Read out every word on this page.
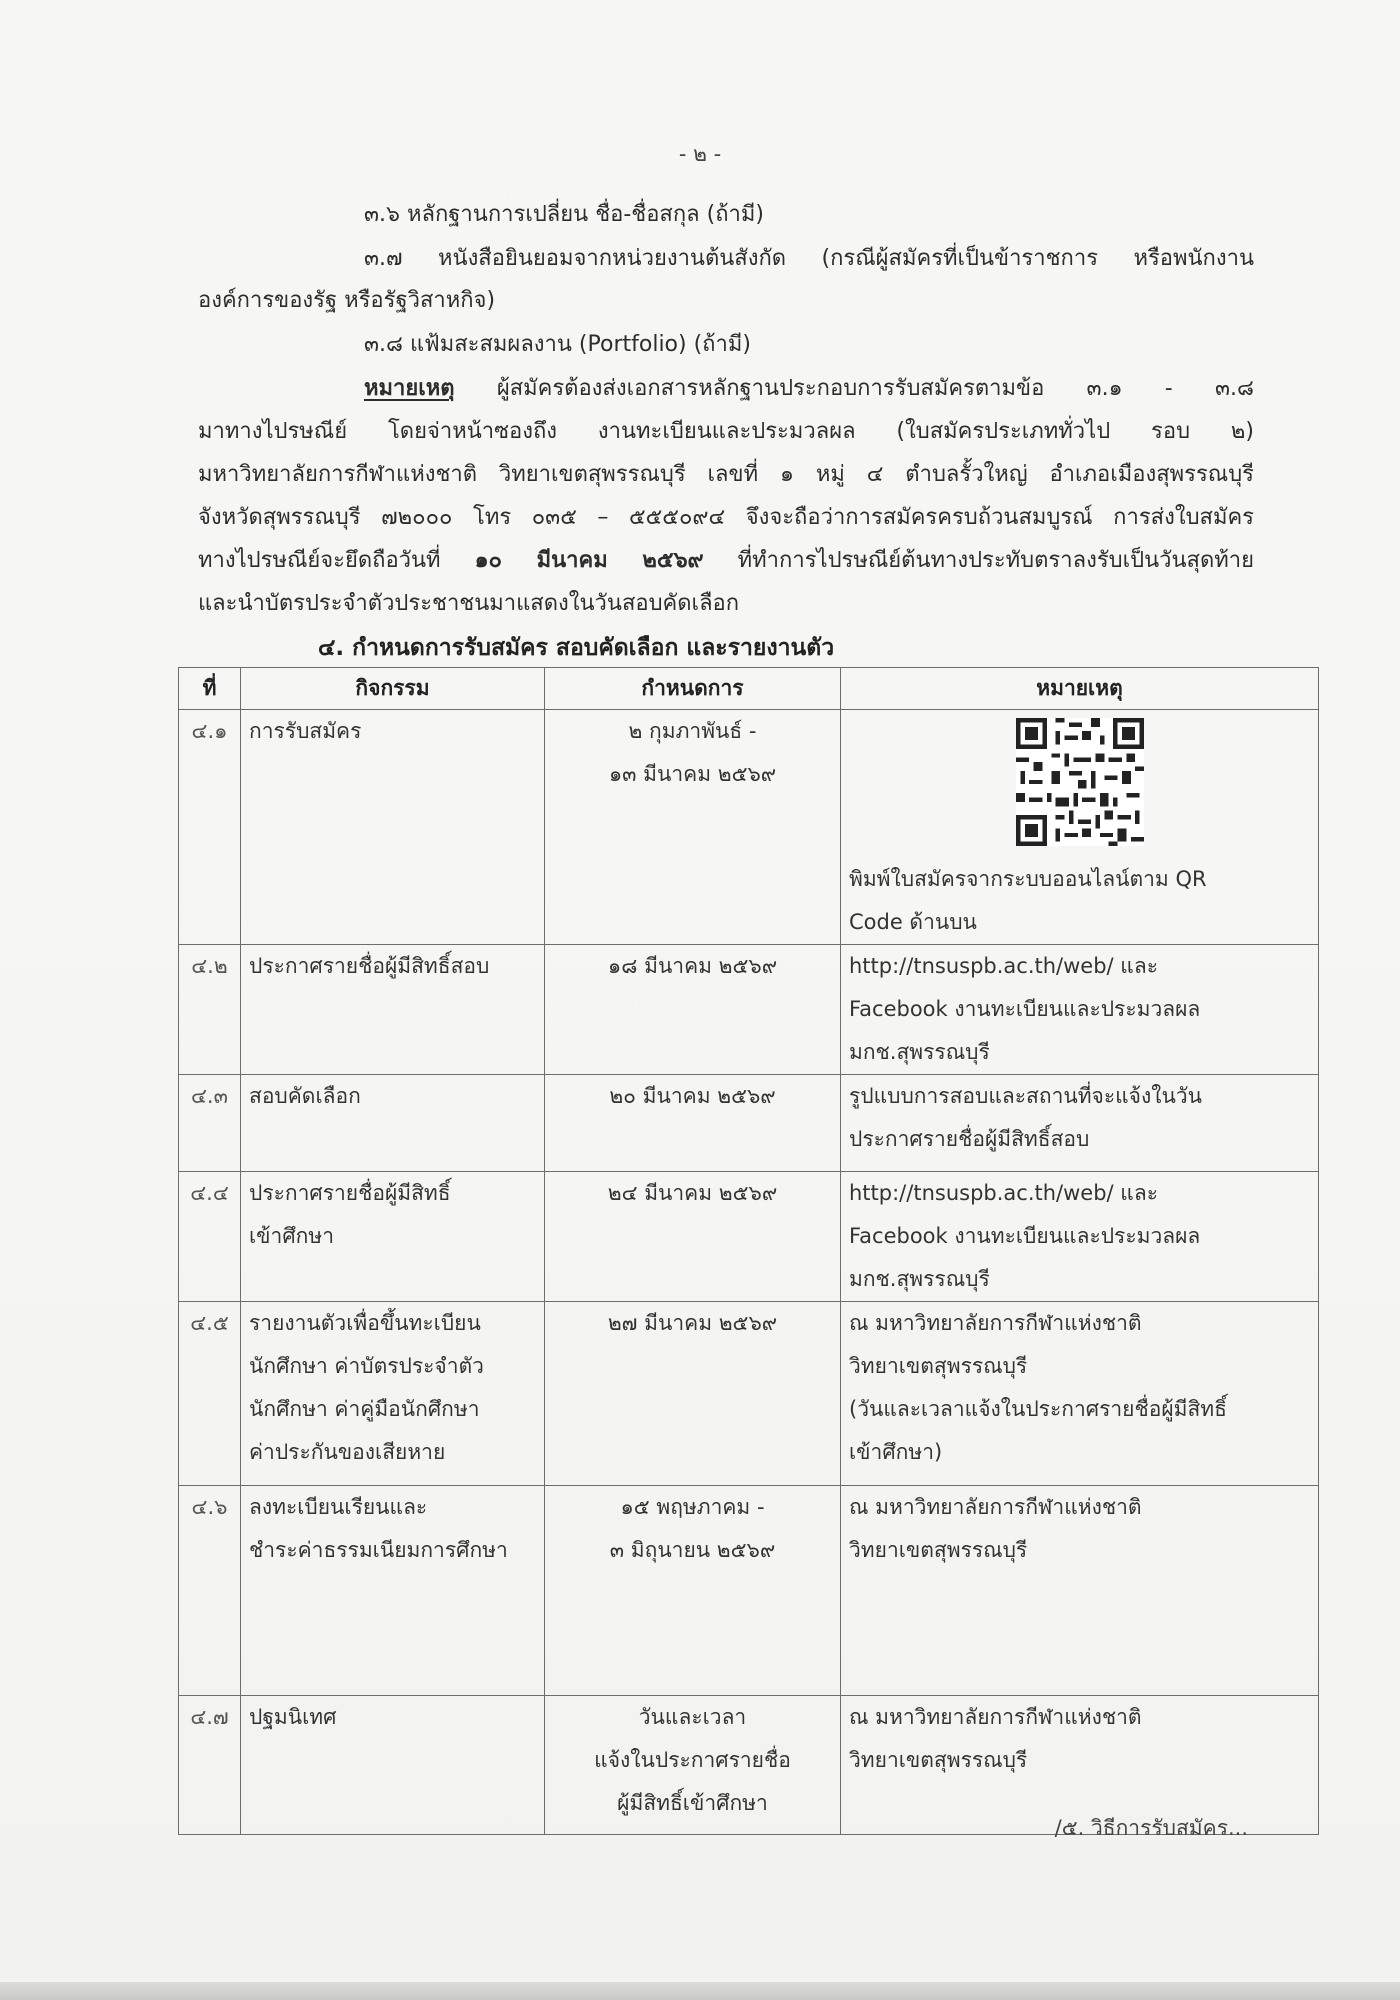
- ๒ -
๓.๖ หลักฐานการเปลี่ยน ชื่อ-ชื่อสกุล (ถ้ามี)
๓.๗ หนังสือยินยอมจากหน่วยงานต้นสังกัด (กรณีผู้สมัครที่เป็นข้าราชการ หรือพนักงาน
องค์การของรัฐ หรือรัฐวิสาหกิจ)
๓.๘ แฟ้มสะสมผลงาน (Portfolio) (ถ้ามี)
หมายเหตุ ผู้สมัครต้องส่งเอกสารหลักฐานประกอบการรับสมัครตามข้อ ๓.๑ - ๓.๘
มาทางไปรษณีย์ โดยจ่าหน้าซองถึง งานทะเบียนและประมวลผล (ใบสมัครประเภททั่วไป รอบ ๒)
มหาวิทยาลัยการกีฬาแห่งชาติ วิทยาเขตสุพรรณบุรี เลขที่ ๑ หมู่ ๔ ตำบลรั้วใหญ่ อำเภอเมืองสุพรรณบุรี
จังหวัดสุพรรณบุรี ๗๒๐๐๐ โทร ๐๓๕ – ๕๕๕๐๙๔ จึงจะถือว่าการสมัครครบถ้วนสมบูรณ์ การส่งใบสมัคร
ทางไปรษณีย์จะยึดถือวันที่ ๑๐ มีนาคม ๒๕๖๙ ที่ทำการไปรษณีย์ต้นทางประทับตราลงรับเป็นวันสุดท้าย
และนำบัตรประจำตัวประชาชนมาแสดงในวันสอบคัดเลือก
๔. กำหนดการรับสมัคร สอบคัดเลือก และรายงานตัว
ที่	กิจกรรม	กำหนดการ	หมายเหตุ
๔.๑	การรับสมัคร	๒ กุมภาพันธ์ -
๑๓ มีนาคม ๒๕๖๙	พิมพ์ใบสมัครจากระบบออนไลน์ตาม QR
Code ด้านบน

๔.๒	ประกาศรายชื่อผู้มีสิทธิ์สอบ	๑๘ มีนาคม ๒๕๖๙	http://tnsuspb.ac.th/web/ และ
Facebook งานทะเบียนและประมวลผล
มกช.สุพรรณบุรี
๔.๓	สอบคัดเลือก	๒๐ มีนาคม ๒๕๖๙	รูปแบบการสอบและสถานที่จะแจ้งในวัน
ประกาศรายชื่อผู้มีสิทธิ์สอบ
๔.๔	ประกาศรายชื่อผู้มีสิทธิ์
เข้าศึกษา	๒๔ มีนาคม ๒๕๖๙	http://tnsuspb.ac.th/web/ และ
Facebook งานทะเบียนและประมวลผล
มกช.สุพรรณบุรี
๔.๕	รายงานตัวเพื่อขึ้นทะเบียน
นักศึกษา ค่าบัตรประจำตัว
นักศึกษา ค่าคู่มือนักศึกษา
ค่าประกันของเสียหาย	๒๗ มีนาคม ๒๕๖๙	ณ มหาวิทยาลัยการกีฬาแห่งชาติ
วิทยาเขตสุพรรณบุรี
(วันและเวลาแจ้งในประกาศรายชื่อผู้มีสิทธิ์
เข้าศึกษา)
๔.๖	ลงทะเบียนเรียนและ
ชำระค่าธรรมเนียมการศึกษา	๑๕ พฤษภาคม -
๓ มิถุนายน ๒๕๖๙	ณ มหาวิทยาลัยการกีฬาแห่งชาติ
วิทยาเขตสุพรรณบุรี
๔.๗	ปฐมนิเทศ	วันและเวลา
แจ้งในประกาศรายชื่อ
ผู้มีสิทธิ์เข้าศึกษา	ณ มหาวิทยาลัยการกีฬาแห่งชาติ
วิทยาเขตสุพรรณบุรี
/๕. วิธีการรับสมัคร...
